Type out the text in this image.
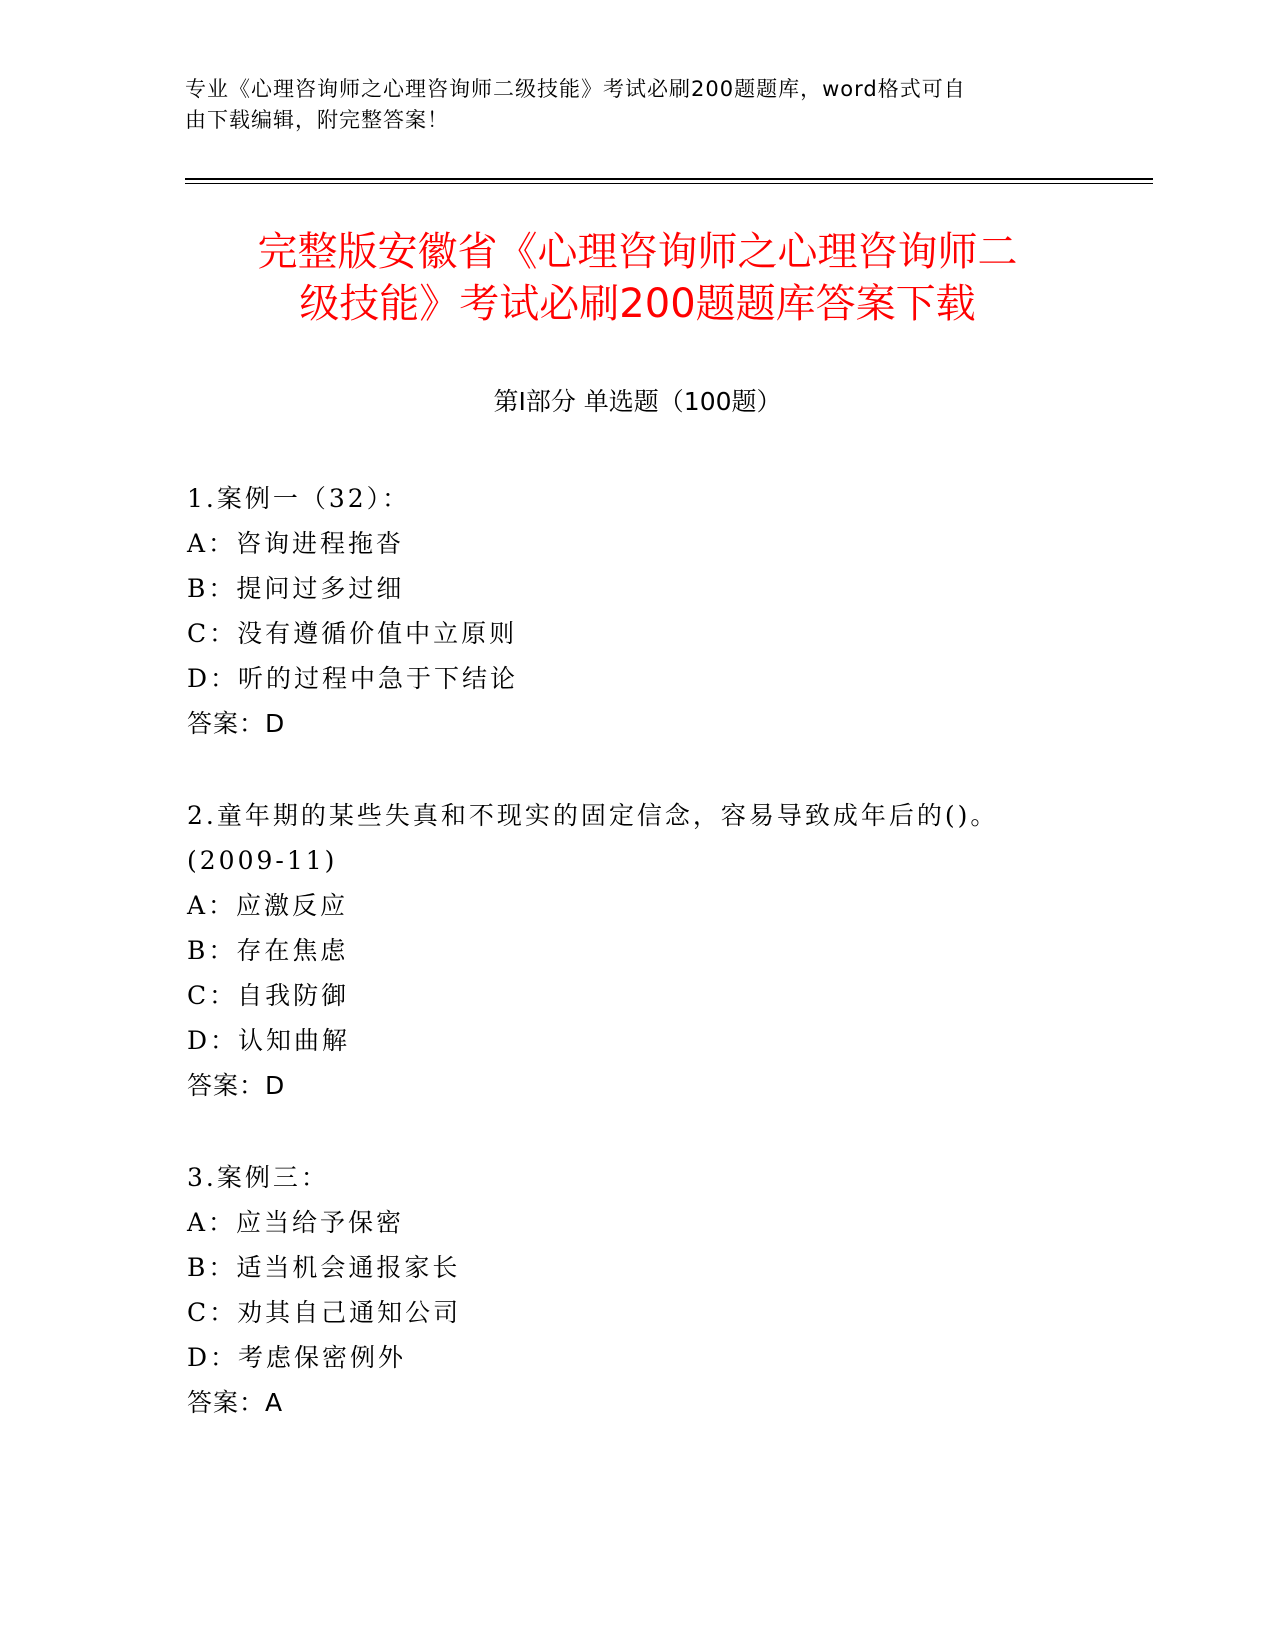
专业《心理咨询师之心理咨询师二级技能》考试必刷200题题库，word格式可自
由下载编辑，附完整答案！
完整版安徽省《心理咨询师之心理咨询师二
级技能》考试必刷200题题库答案下载
第Ⅰ部分 单选题（100题）
1.案例一（32）：
A：咨询进程拖沓
B：提问过多过细
C：没有遵循价值中立原则
D：听的过程中急于下结论
答案：D
2.童年期的某些失真和不现实的固定信念，容易导致成年后的()。
(2009-11)
A：应激反应
B：存在焦虑
C：自我防御
D：认知曲解
答案：D
3.案例三：
A：应当给予保密
B：适当机会通报家长
C：劝其自己通知公司
D：考虑保密例外
答案：A
